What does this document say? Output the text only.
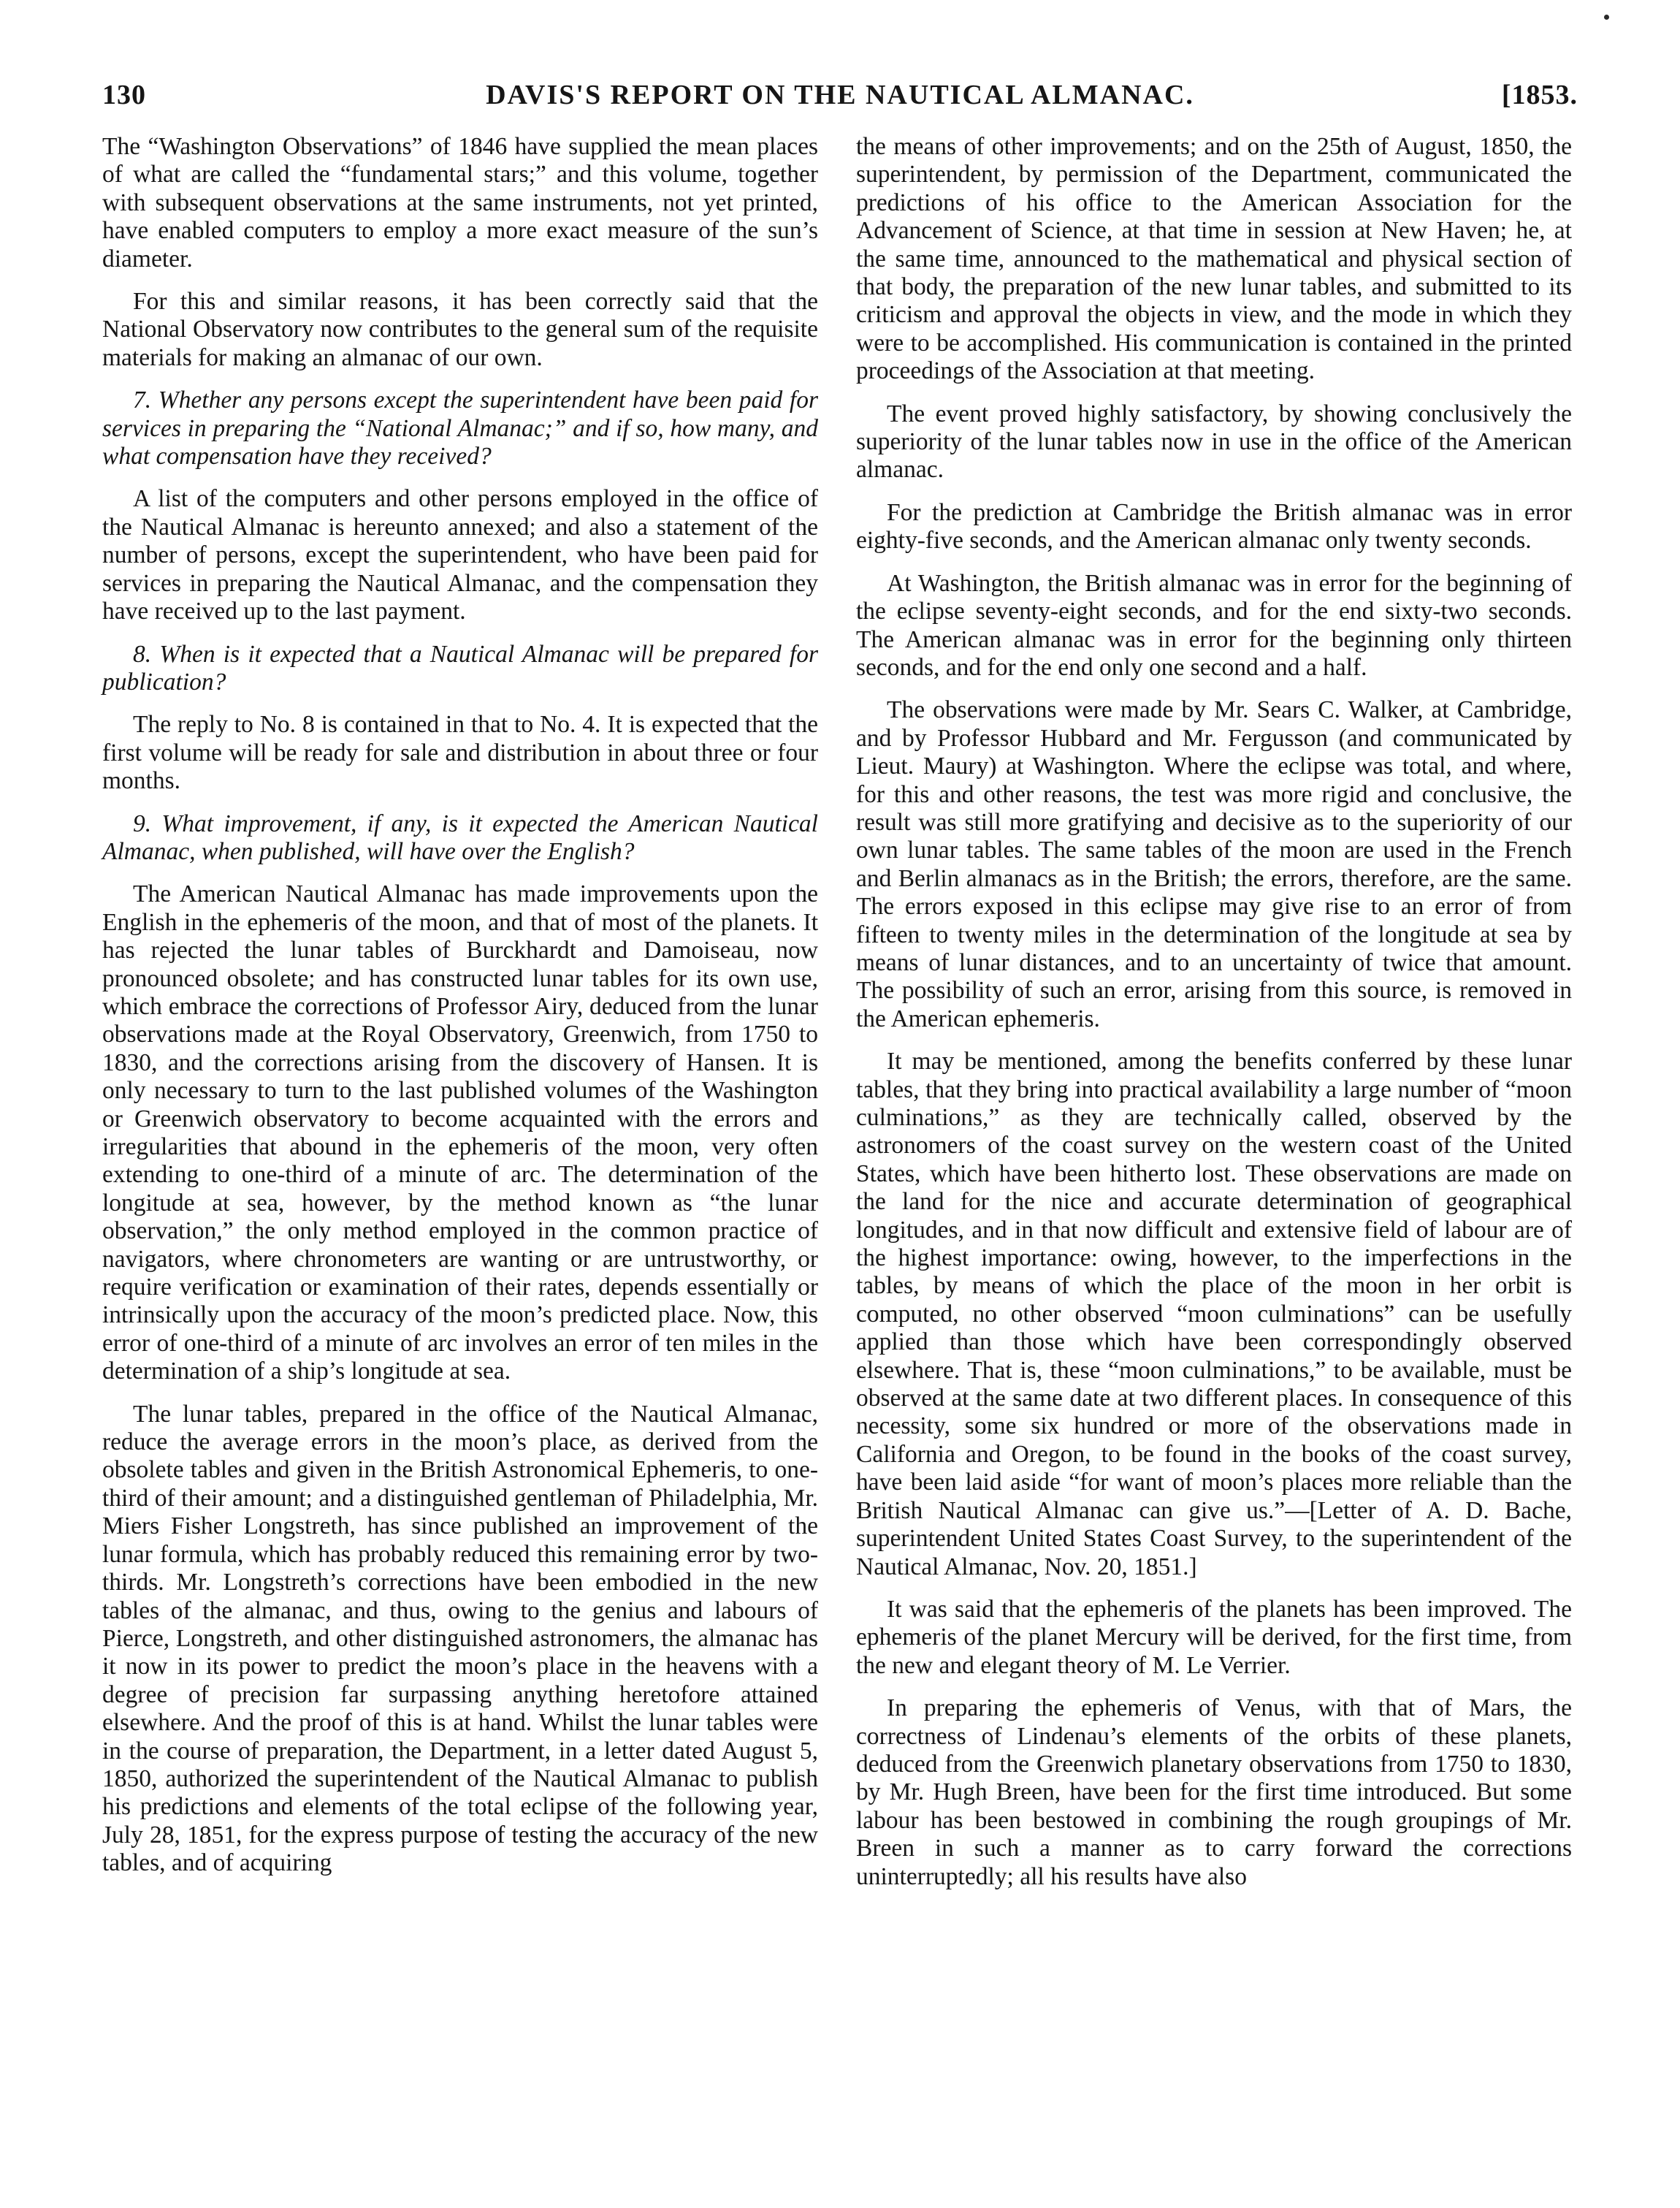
130	DAVIS'S REPORT ON THE NAUTICAL ALMANAC.	[1853.

The “Washington Observations” of 1846 have supplied the mean places of what are called the “fundamental stars;” and this volume, together with subsequent observations at the same instruments, not yet printed, have enabled computers to employ a more exact measure of the sun’s diameter.

For this and similar reasons, it has been correctly said that the National Observatory now contributes to the general sum of the requisite materials for making an almanac of our own.

7. Whether any persons except the superintendent have been paid for services in preparing the “National Almanac;” and if so, how many, and what compensation have they received?

A list of the computers and other persons employed in the office of the Nautical Almanac is hereunto annexed; and also a statement of the number of persons, except the superintendent, who have been paid for services in preparing the Nautical Almanac, and the compensation they have received up to the last payment.

8. When is it expected that a Nautical Almanac will be prepared for publication?

The reply to No. 8 is contained in that to No. 4. It is expected that the first volume will be ready for sale and distribution in about three or four months.

9. What improvement, if any, is it expected the American Nautical Almanac, when published, will have over the English?

The American Nautical Almanac has made improvements upon the English in the ephemeris of the moon, and that of most of the planets. It has rejected the lunar tables of Burckhardt and Damoiseau, now pronounced obsolete; and has constructed lunar tables for its own use, which embrace the corrections of Professor Airy, deduced from the lunar observations made at the Royal Observatory, Greenwich, from 1750 to 1830, and the corrections arising from the discovery of Hansen. It is only necessary to turn to the last published volumes of the Washington or Greenwich observatory to become acquainted with the errors and irregularities that abound in the ephemeris of the moon, very often extending to one-third of a minute of arc. The determination of the longitude at sea, however, by the method known as “the lunar observation,” the only method employed in the common practice of navigators, where chronometers are wanting or are untrustworthy, or require verification or examination of their rates, depends essentially or intrinsically upon the accuracy of the moon’s predicted place. Now, this error of one-third of a minute of arc involves an error of ten miles in the determination of a ship’s longitude at sea.

The lunar tables, prepared in the office of the Nautical Almanac, reduce the average errors in the moon’s place, as derived from the obsolete tables and given in the British Astronomical Ephemeris, to one-third of their amount; and a distinguished gentleman of Philadelphia, Mr. Miers Fisher Longstreth, has since published an improvement of the lunar formula, which has probably reduced this remaining error by two-thirds. Mr. Longstreth’s corrections have been embodied in the new tables of the almanac, and thus, owing to the genius and labours of Pierce, Longstreth, and other distinguished astronomers, the almanac has it now in its power to predict the moon’s place in the heavens with a degree of precision far surpassing anything heretofore attained elsewhere. And the proof of this is at hand. Whilst the lunar tables were in the course of preparation, the Department, in a letter dated August 5, 1850, authorized the superintendent of the Nautical Almanac to publish his predictions and elements of the total eclipse of the following year, July 28, 1851, for the express purpose of testing the accuracy of the new tables, and of acquiring

the means of other improvements; and on the 25th of August, 1850, the superintendent, by permission of the Department, communicated the predictions of his office to the American Association for the Advancement of Science, at that time in session at New Haven; he, at the same time, announced to the mathematical and physical section of that body, the preparation of the new lunar tables, and submitted to its criticism and approval the objects in view, and the mode in which they were to be accomplished. His communication is contained in the printed proceedings of the Association at that meeting.

The event proved highly satisfactory, by showing conclusively the superiority of the lunar tables now in use in the office of the American almanac.

For the prediction at Cambridge the British almanac was in error eighty-five seconds, and the American almanac only twenty seconds.

At Washington, the British almanac was in error for the beginning of the eclipse seventy-eight seconds, and for the end sixty-two seconds. The American almanac was in error for the beginning only thirteen seconds, and for the end only one second and a half.

The observations were made by Mr. Sears C. Walker, at Cambridge, and by Professor Hubbard and Mr. Fergusson (and communicated by Lieut. Maury) at Washington. Where the eclipse was total, and where, for this and other reasons, the test was more rigid and conclusive, the result was still more gratifying and decisive as to the superiority of our own lunar tables. The same tables of the moon are used in the French and Berlin almanacs as in the British; the errors, therefore, are the same. The errors exposed in this eclipse may give rise to an error of from fifteen to twenty miles in the determination of the longitude at sea by means of lunar distances, and to an uncertainty of twice that amount. The possibility of such an error, arising from this source, is removed in the American ephemeris.

It may be mentioned, among the benefits conferred by these lunar tables, that they bring into practical availability a large number of “moon culminations,” as they are technically called, observed by the astronomers of the coast survey on the western coast of the United States, which have been hitherto lost. These observations are made on the land for the nice and accurate determination of geographical longitudes, and in that now difficult and extensive field of labour are of the highest importance: owing, however, to the imperfections in the tables, by means of which the place of the moon in her orbit is computed, no other observed “moon culminations” can be usefully applied than those which have been correspondingly observed elsewhere. That is, these “moon culminations,” to be available, must be observed at the same date at two different places. In consequence of this necessity, some six hundred or more of the observations made in California and Oregon, to be found in the books of the coast survey, have been laid aside “for want of moon’s places more reliable than the British Nautical Almanac can give us.”—[Letter of A. D. Bache, superintendent United States Coast Survey, to the superintendent of the Nautical Almanac, Nov. 20, 1851.]

It was said that the ephemeris of the planets has been improved. The ephemeris of the planet Mercury will be derived, for the first time, from the new and elegant theory of M. Le Verrier.

In preparing the ephemeris of Venus, with that of Mars, the correctness of Lindenau’s elements of the orbits of these planets, deduced from the Greenwich planetary observations from 1750 to 1830, by Mr. Hugh Breen, have been for the first time introduced. But some labour has been bestowed in combining the rough groupings of Mr. Breen in such a manner as to carry forward the corrections uninterruptedly; all his results have also
